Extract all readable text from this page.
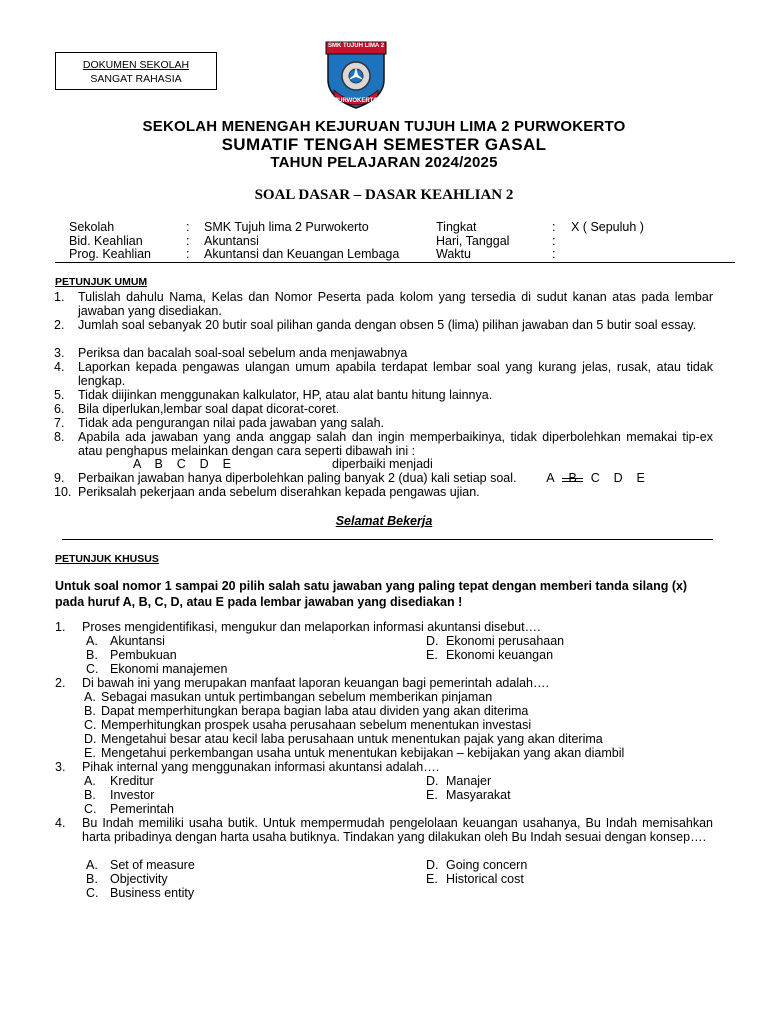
DOKUMEN SEKOLAH
SANGAT RAHASIA
SMK TUJUH LIMA 2
PURWOKERTO
SEKOLAH MENENGAH KEJURUAN TUJUH LIMA 2 PURWOKERTO
SUMATIF TENGAH SEMESTER GASAL
TAHUN PELAJARAN 2024/2025
SOAL DASAR – DASAR KEAHLIAN 2
Sekolah	: SMK Tujuh lima 2 Purwokerto	Tingkat	: X ( Sepuluh )
Bid. Keahlian	: Akuntansi	Hari, Tanggal	:
Prog. Keahlian	: Akuntansi dan Keuangan Lembaga	Waktu	:
PETUNJUK UMUM
1. Tulislah dahulu Nama, Kelas dan Nomor Peserta pada kolom yang tersedia di sudut kanan atas pada lembar jawaban yang disediakan.
2. Jumlah soal sebanyak 20 butir soal pilihan ganda dengan obsen 5 (lima) pilihan jawaban dan 5 butir soal essay.
3. Periksa dan bacalah soal-soal sebelum anda menjawabnya
4. Laporkan kepada pengawas ulangan umum apabila terdapat lembar soal yang kurang jelas, rusak, atau tidak lengkap.
5. Tidak diijinkan menggunakan kalkulator, HP, atau alat bantu hitung lainnya.
6. Bila diperlukan,lembar soal dapat dicorat-coret.
7. Tidak ada pengurangan nilai pada jawaban yang salah.
8. Apabila ada jawaban yang anda anggap salah dan ingin memperbaikinya, tidak diperbolehkan memakai tip-ex atau penghapus melainkan dengan cara seperti dibawah ini :
A    B    C    D    E	diperbaiki menjadi

A B C    D    E

9. Perbaikan jawaban hanya diperbolehkan paling banyak 2 (dua) kali setiap soal.
10. Periksalah pekerjaan anda sebelum diserahkan kepada pengawas ujian.
Selamat Bekerja
PETUNJUK KHUSUS
Untuk soal nomor 1 sampai 20 pilih salah satu jawaban yang paling tepat dengan memberi tanda silang (x) pada huruf A, B, C, D, atau E pada lembar jawaban yang disediakan !
1. Proses mengidentifikasi, mengukur dan melaporkan informasi akuntansi disebut….
A. Akuntansi	D. Ekonomi perusahaan
B. Pembukuan	E. Ekonomi keuangan
C. Ekonomi manajemen
2. Di bawah ini yang merupakan manfaat laporan keuangan bagi pemerintah adalah….
A. Sebagai masukan untuk pertimbangan sebelum memberikan pinjaman
B. Dapat memperhitungkan berapa bagian laba atau dividen yang akan diterima
C. Memperhitungkan prospek usaha perusahaan sebelum menentukan investasi
D. Mengetahui besar atau kecil laba perusahaan untuk menentukan pajak yang akan diterima
E. Mengetahui perkembangan usaha untuk menentukan kebijakan – kebijakan yang akan diambil
3. Pihak internal yang menggunakan informasi akuntansi adalah….
A. Kreditur	D. Manajer
B. Investor	E. Masyarakat
C. Pemerintah
4. Bu Indah memiliki usaha butik. Untuk mempermudah pengelolaan keuangan usahanya, Bu Indah memisahkan harta pribadinya dengan harta usaha butiknya. Tindakan yang dilakukan oleh Bu Indah sesuai dengan konsep….
A. Set of measure	D. Going concern
B. Objectivity	E. Historical cost
C. Business entity
